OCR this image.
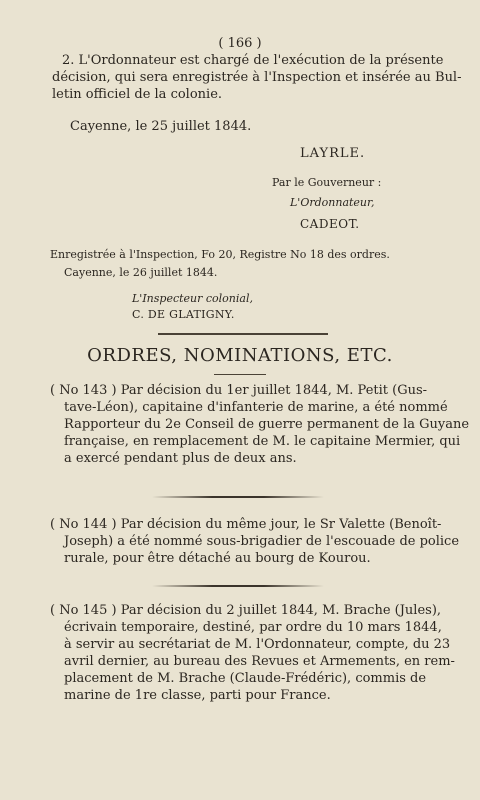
( 166 )
2. L'Ordonnateur est chargé de l'exécution de la présente
décision, qui sera enregistrée à l'Inspection et insérée au Bul-
letin officiel de la colonie.
Cayenne, le 25 juillet 1844.
LAYRLE.
Par le Gouverneur :
L'Ordonnateur,
CADEOT.
Enregistrée à l'Inspection, Fo 20, Registre No 18 des ordres.
Cayenne, le 26 juillet 1844.
L'Inspecteur colonial,
C. DE GLATIGNY.
ORDRES, NOMINATIONS, ETC.
( No 143 ) Par décision du 1er juillet 1844, M. Petit (Gus-
tave-Léon), capitaine d'infanterie de marine, a été nommé
Rapporteur du 2e Conseil de guerre permanent de la Guyane
française, en remplacement de M. le capitaine Mermier, qui
a exercé pendant plus de deux ans.
( No 144 ) Par décision du même jour, le Sr Valette (Benoît-
Joseph) a été nommé sous-brigadier de l'escouade de police
rurale, pour être détaché au bourg de Kourou.
( No 145 ) Par décision du 2 juillet 1844, M. Brache (Jules),
écrivain temporaire, destiné, par ordre du 10 mars 1844,
à servir au secrétariat de M. l'Ordonnateur, compte, du 23
avril dernier, au bureau des Revues et Armements, en rem-
placement de M. Brache (Claude-Frédéric), commis de
marine de 1re classe, parti pour France.
